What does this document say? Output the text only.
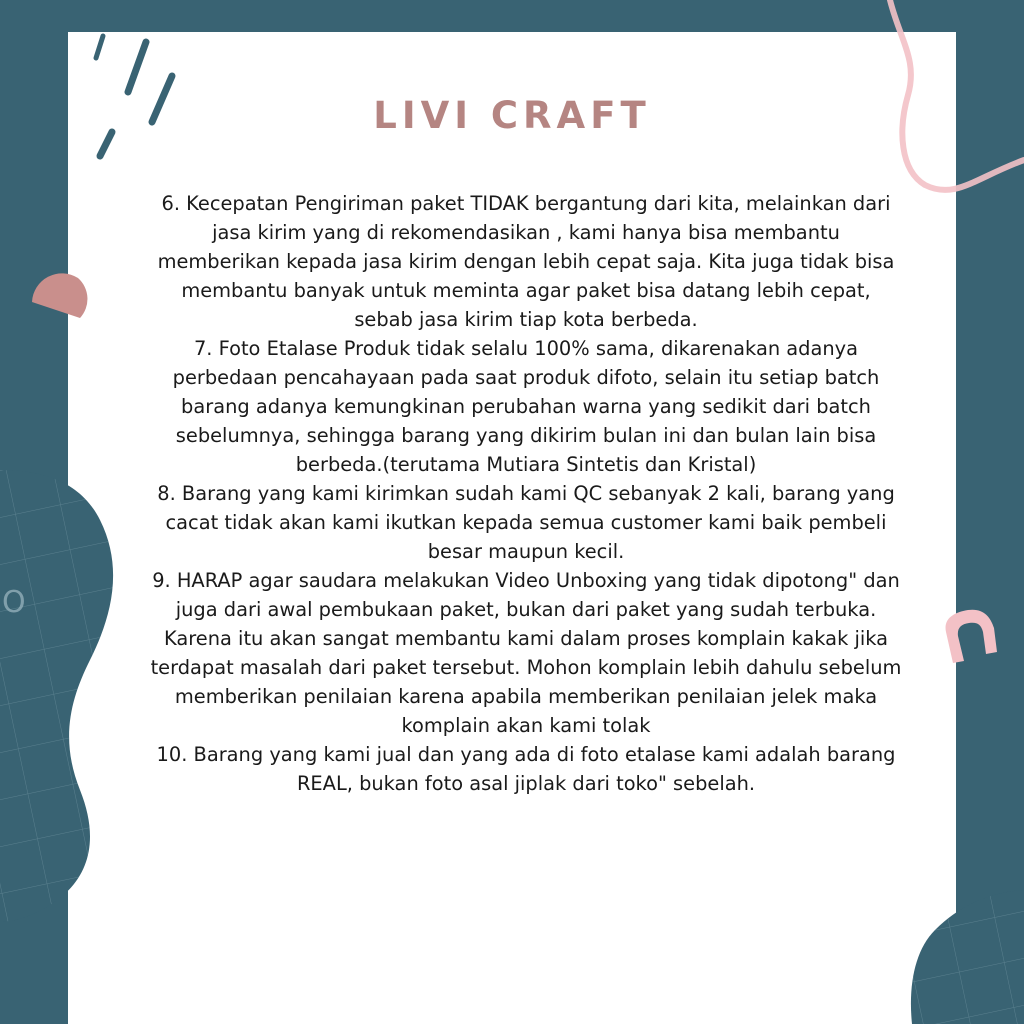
O
LIVI CRAFT

6. Kecepatan Pengiriman paket TIDAK bergantung dari kita, melainkan dari jasa kirim yang di rekomendasikan , kami hanya bisa membantu memberikan kepada jasa kirim dengan lebih cepat saja. Kita juga tidak bisa membantu banyak untuk meminta agar paket bisa datang lebih cepat, sebab jasa kirim tiap kota berbeda.

7. Foto Etalase Produk tidak selalu 100% sama, dikarenakan adanya perbedaan pencahayaan pada saat produk difoto, selain itu setiap batch barang adanya kemungkinan perubahan warna yang sedikit dari batch sebelumnya, sehingga barang yang dikirim bulan ini dan bulan lain bisa berbeda.(terutama Mutiara Sintetis dan Kristal)

8. Barang yang kami kirimkan sudah kami QC sebanyak 2 kali, barang yang cacat tidak akan kami ikutkan kepada semua customer kami baik pembeli besar maupun kecil.

9. HARAP agar saudara melakukan Video Unboxing yang tidak dipotong" dan juga dari awal pembukaan paket, bukan dari paket yang sudah terbuka. Karena itu akan sangat membantu kami dalam proses komplain kakak jika terdapat masalah dari paket tersebut. Mohon komplain lebih dahulu sebelum memberikan penilaian karena apabila memberikan penilaian jelek maka komplain akan kami tolak

10. Barang yang kami jual dan yang ada di foto etalase kami adalah barang REAL, bukan foto asal jiplak dari toko" sebelah.
